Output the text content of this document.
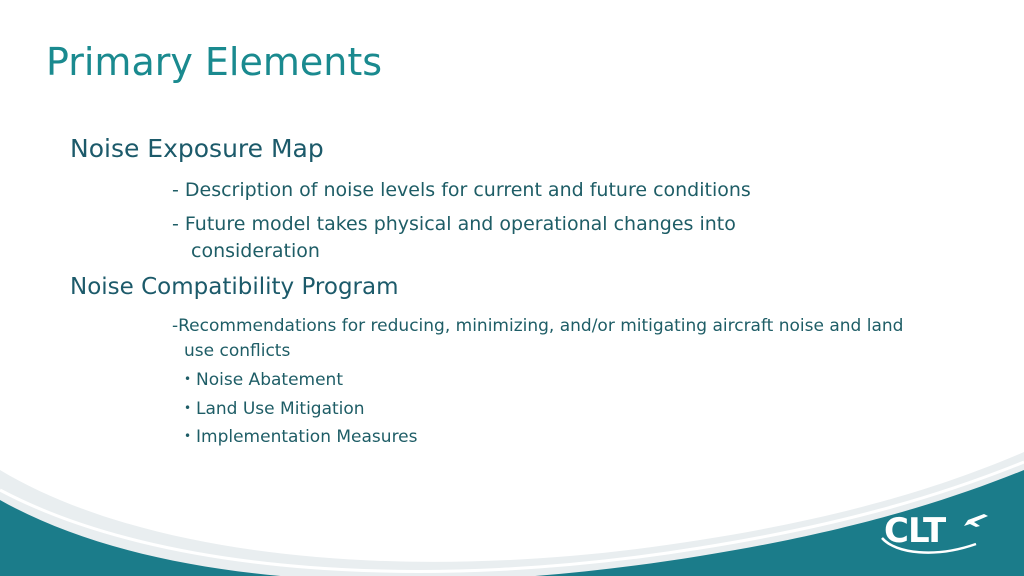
Primary Elements
Noise Exposure Map
- Description of noise levels for current and future conditions
- Future model takes physical and operational changes into
consideration
Noise Compatibility Program
-Recommendations for reducing, minimizing, and/or mitigating aircraft noise and land
use conflicts
• Noise Abatement
• Land Use Mitigation
• Implementation Measures
CLT
